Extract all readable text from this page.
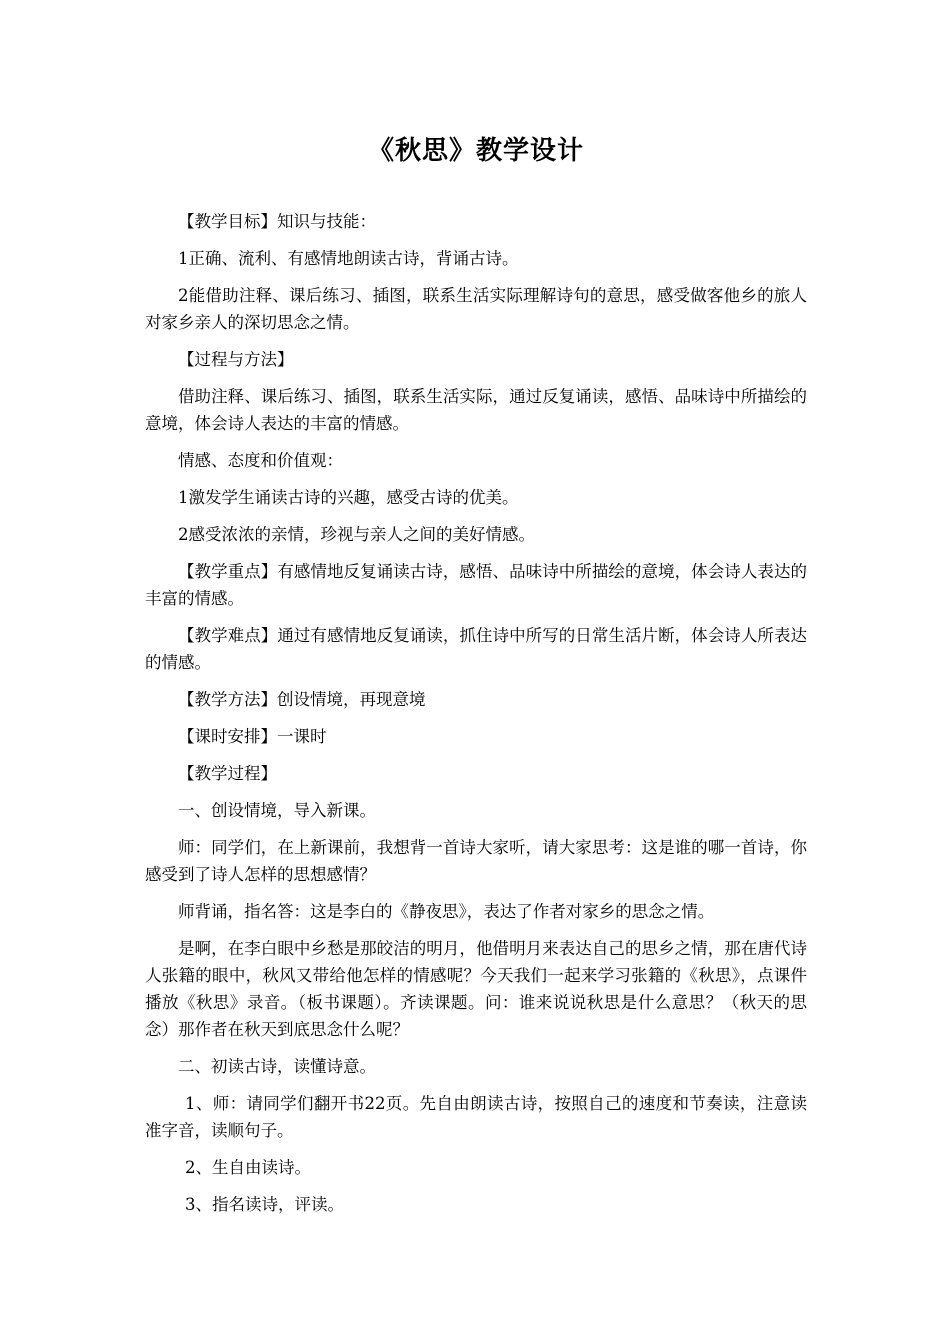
《秋思》教学设计

【教学目标】知识与技能：

1正确、流利、有感情地朗读古诗，背诵古诗。

2能借助注释、课后练习、插图，联系生活实际理解诗句的意思，感受做客他乡的旅人对家乡亲人的深切思念之情。

【过程与方法】

借助注释、课后练习、插图，联系生活实际，通过反复诵读，感悟、品味诗中所描绘的意境，体会诗人表达的丰富的情感。

情感、态度和价值观：

1激发学生诵读古诗的兴趣，感受古诗的优美。

2感受浓浓的亲情，珍视与亲人之间的美好情感。

【教学重点】有感情地反复诵读古诗，感悟、品味诗中所描绘的意境，体会诗人表达的丰富的情感。

【教学难点】通过有感情地反复诵读，抓住诗中所写的日常生活片断，体会诗人所表达的情感。

【教学方法】创设情境，再现意境

【课时安排】一课时

【教学过程】

一、创设情境，导入新课。

师：同学们，在上新课前，我想背一首诗大家听，请大家思考：这是谁的哪一首诗，你感受到了诗人怎样的思想感情？

师背诵，指名答：这是李白的《静夜思》，表达了作者对家乡的思念之情。

是啊，在李白眼中乡愁是那皎洁的明月，他借明月来表达自己的思乡之情，那在唐代诗人张籍的眼中，秋风又带给他怎样的情感呢？今天我们一起来学习张籍的《秋思》，点课件播放《秋思》录音。（板书课题）。齐读课题。问：谁来说说秋思是什么意思？（秋天的思念）那作者在秋天到底思念什么呢？

二、初读古诗，读懂诗意。

1、师：请同学们翻开书22页。先自由朗读古诗，按照自己的速度和节奏读，注意读准字音，读顺句子。

2、生自由读诗。

3、指名读诗，评读。
